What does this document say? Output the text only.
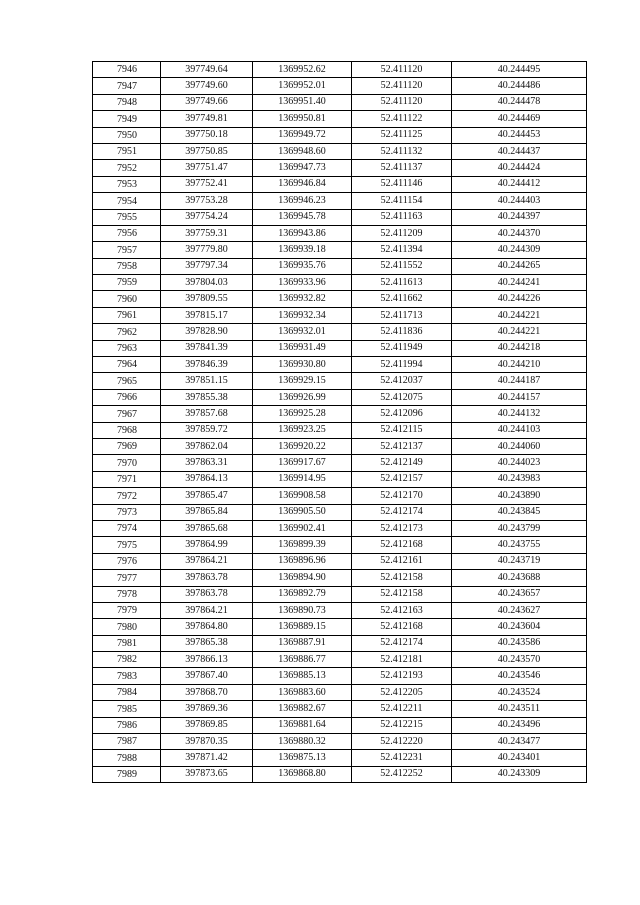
7946	397749.64	1369952.62	52.411120	40.244495
7947	397749.60	1369952.01	52.411120	40.244486
7948	397749.66	1369951.40	52.411120	40.244478
7949	397749.81	1369950.81	52.411122	40.244469
7950	397750.18	1369949.72	52.411125	40.244453
7951	397750.85	1369948.60	52.411132	40.244437
7952	397751.47	1369947.73	52.411137	40.244424
7953	397752.41	1369946.84	52.411146	40.244412
7954	397753.28	1369946.23	52.411154	40.244403
7955	397754.24	1369945.78	52.411163	40.244397
7956	397759.31	1369943.86	52.411209	40.244370
7957	397779.80	1369939.18	52.411394	40.244309
7958	397797.34	1369935.76	52.411552	40.244265
7959	397804.03	1369933.96	52.411613	40.244241
7960	397809.55	1369932.82	52.411662	40.244226
7961	397815.17	1369932.34	52.411713	40.244221
7962	397828.90	1369932.01	52.411836	40.244221
7963	397841.39	1369931.49	52.411949	40.244218
7964	397846.39	1369930.80	52.411994	40.244210
7965	397851.15	1369929.15	52.412037	40.244187
7966	397855.38	1369926.99	52.412075	40.244157
7967	397857.68	1369925.28	52.412096	40.244132
7968	397859.72	1369923.25	52.412115	40.244103
7969	397862.04	1369920.22	52.412137	40.244060
7970	397863.31	1369917.67	52.412149	40.244023
7971	397864.13	1369914.95	52.412157	40.243983
7972	397865.47	1369908.58	52.412170	40.243890
7973	397865.84	1369905.50	52.412174	40.243845
7974	397865.68	1369902.41	52.412173	40.243799
7975	397864.99	1369899.39	52.412168	40.243755
7976	397864.21	1369896.96	52.412161	40.243719
7977	397863.78	1369894.90	52.412158	40.243688
7978	397863.78	1369892.79	52.412158	40.243657
7979	397864.21	1369890.73	52.412163	40.243627
7980	397864.80	1369889.15	52.412168	40.243604
7981	397865.38	1369887.91	52.412174	40.243586
7982	397866.13	1369886.77	52.412181	40.243570
7983	397867.40	1369885.13	52.412193	40.243546
7984	397868.70	1369883.60	52.412205	40.243524
7985	397869.36	1369882.67	52.412211	40.243511
7986	397869.85	1369881.64	52.412215	40.243496
7987	397870.35	1369880.32	52.412220	40.243477
7988	397871.42	1369875.13	52.412231	40.243401
7989	397873.65	1369868.80	52.412252	40.243309
